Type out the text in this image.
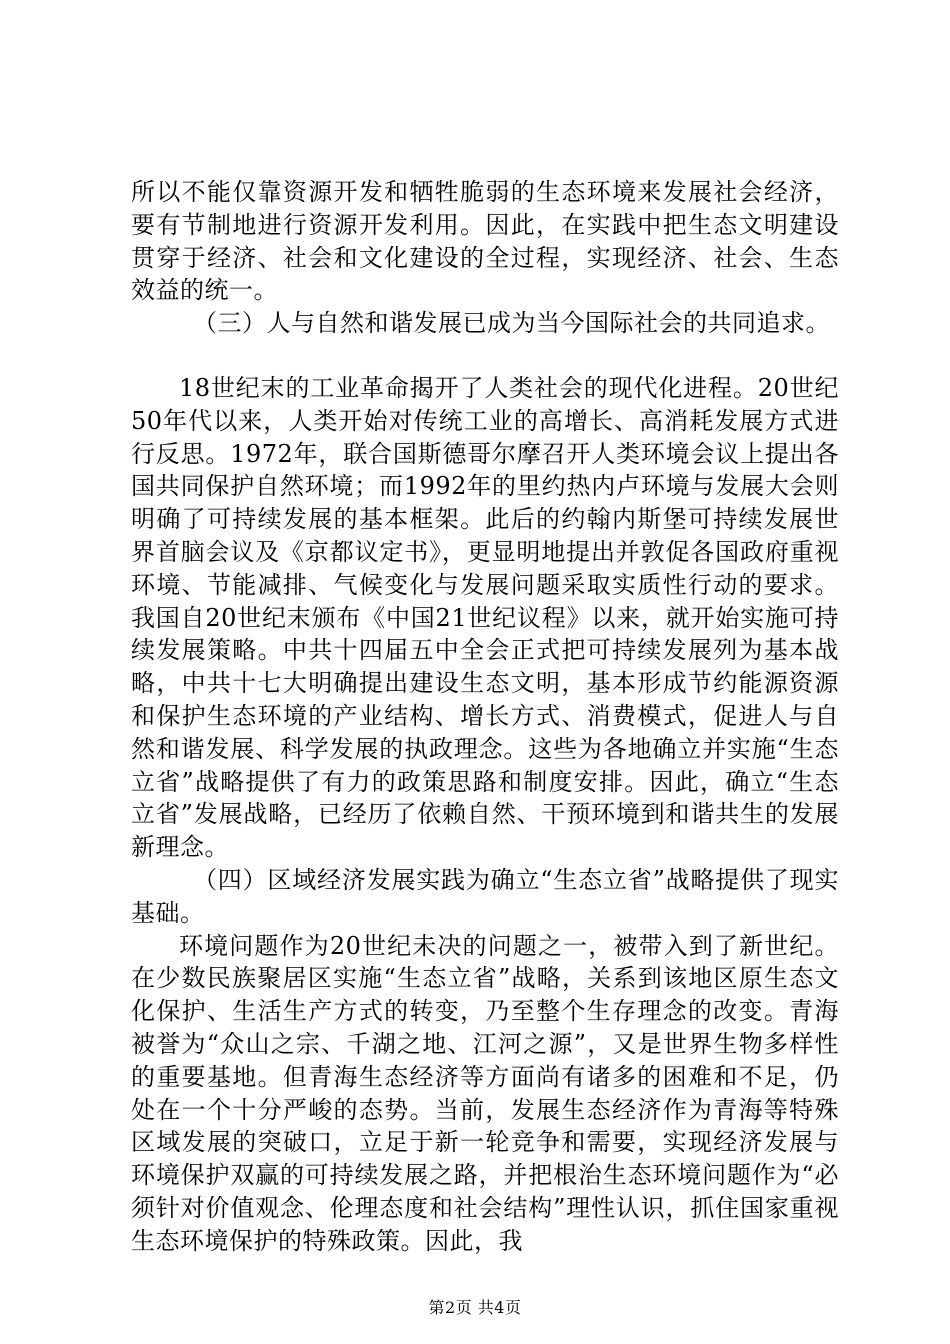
所以不能仅靠资源开发和牺牲脆弱的生态环境来发展社会经济，要有节制地进行资源开发利用。因此，在实践中把生态文明建设贯穿于经济、社会和文化建设的全过程，实现经济、社会、生态效益的统一。

（三）人与自然和谐发展已成为当今国际社会的共同追求。

18世纪末的工业革命揭开了人类社会的现代化进程。20世纪50年代以来，人类开始对传统工业的高增长、高消耗发展方式进行反思。1972年，联合国斯德哥尔摩召开人类环境会议上提出各国共同保护自然环境；而1992年的里约热内卢环境与发展大会则明确了可持续发展的基本框架。此后的约翰内斯堡可持续发展世界首脑会议及《京都议定书》，更显明地提出并敦促各国政府重视环境、节能减排、气候变化与发展问题采取实质性行动的要求。我国自20世纪末颁布《中国21世纪议程》以来，就开始实施可持续发展策略。中共十四届五中全会正式把可持续发展列为基本战略，中共十七大明确提出建设生态文明，基本形成节约能源资源和保护生态环境的产业结构、增长方式、消费模式，促进人与自然和谐发展、科学发展的执政理念。这些为各地确立并实施“生态立省”战略提供了有力的政策思路和制度安排。因此，确立“生态立省”发展战略，已经历了依赖自然、干预环境到和谐共生的发展新理念。

（四）区域经济发展实践为确立“生态立省”战略提供了现实基础。

环境问题作为20世纪未决的问题之一，被带入到了新世纪。在少数民族聚居区实施“生态立省”战略，关系到该地区原生态文化保护、生活生产方式的转变，乃至整个生存理念的改变。青海被誉为“众山之宗、千湖之地、江河之源”，又是世界生物多样性的重要基地。但青海生态经济等方面尚有诸多的困难和不足，仍处在一个十分严峻的态势。当前，发展生态经济作为青海等特殊区域发展的突破口，立足于新一轮竞争和需要，实现经济发展与环境保护双赢的可持续发展之路，并把根治生态环境问题作为“必须针对价值观念、伦理态度和社会结构”理性认识，抓住国家重视生态环境保护的特殊政策。因此，我

第2页 共4页
